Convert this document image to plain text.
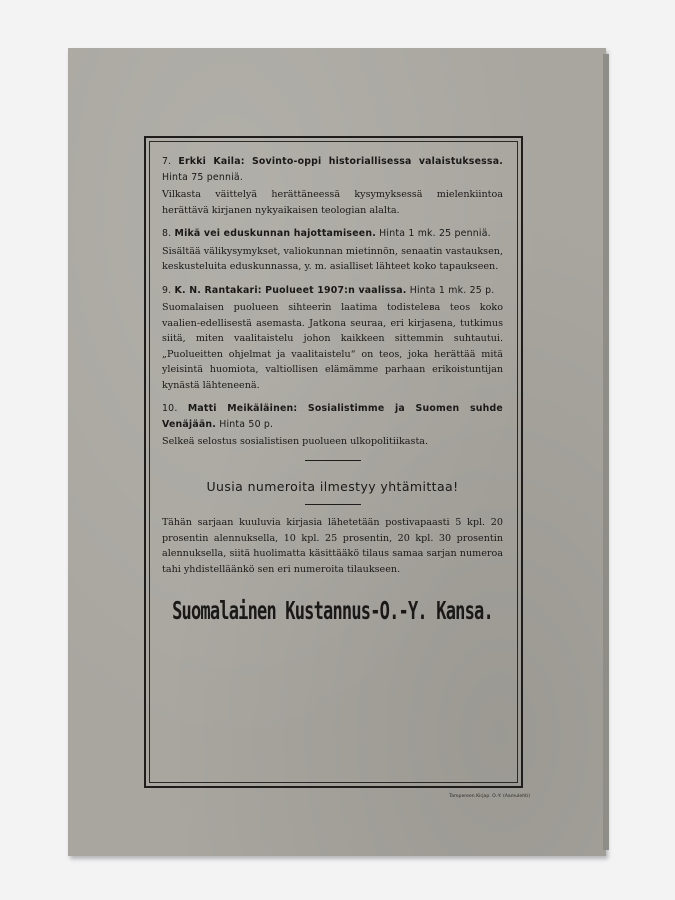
7. Erkki Kaila: Sovinto-oppi historiallisessa valaistuksessa. Hinta 75 penniä.
Vilkasta väittelyä herättäneessä kysymyksessä mielenkiintoa herättävä kirjanen nykyaikaisen teologian alalta.
8. Mikä vei eduskunnan hajottamiseen. Hinta 1 mk. 25 penniä.
Sisältää välikysymykset, valiokunnan mietinnön, senaatin vastauksen, keskusteluita eduskunnassa, y. m. asialliset lähteet koko tapaukseen.
9. K. N. Rantakari: Puolueet 1907:n vaalissa. Hinta 1 mk. 25 p.
Suomalaisen puolueen sihteerin laatima todistelева teos koko vaalien-edellisestä asemasta. Jatkona seuraa, eri kirjasena, tutkimus siitä, miten vaalitaistelu johon kaikkeen sittemmin suhtautui. „Puolueitten ohjelmat ja vaalitaistelu“ on teos, joka herättää mitä yleisintä huomiota, valtiollisen elämämme parhaan erikoistuntijan kynästä lähteneenä.
10. Matti Meikäläinen: Sosialistimme ja Suomen suhde Venäjään. Hinta 50 p.
Selkeä selostus sosialistisen puolueen ulkopolitiikasta.
Uusia numeroita ilmestyy yhtämittaa!
Tähän sarjaan kuuluvia kirjasia lähetetään postivapaasti 5 kpl. 20 prosentin alennuksella, 10 kpl. 25 prosentin, 20 kpl. 30 prosentin alennuksella, siitä huolimatta käsittääkö tilaus samaa sarjan numeroa tahi yhdistelläänkö sen eri numeroita tilaukseen.
Suomalainen Kustannus-O.-Y. Kansa.
Tampereen Kirjap. O.-Y. (Aamulehti)
